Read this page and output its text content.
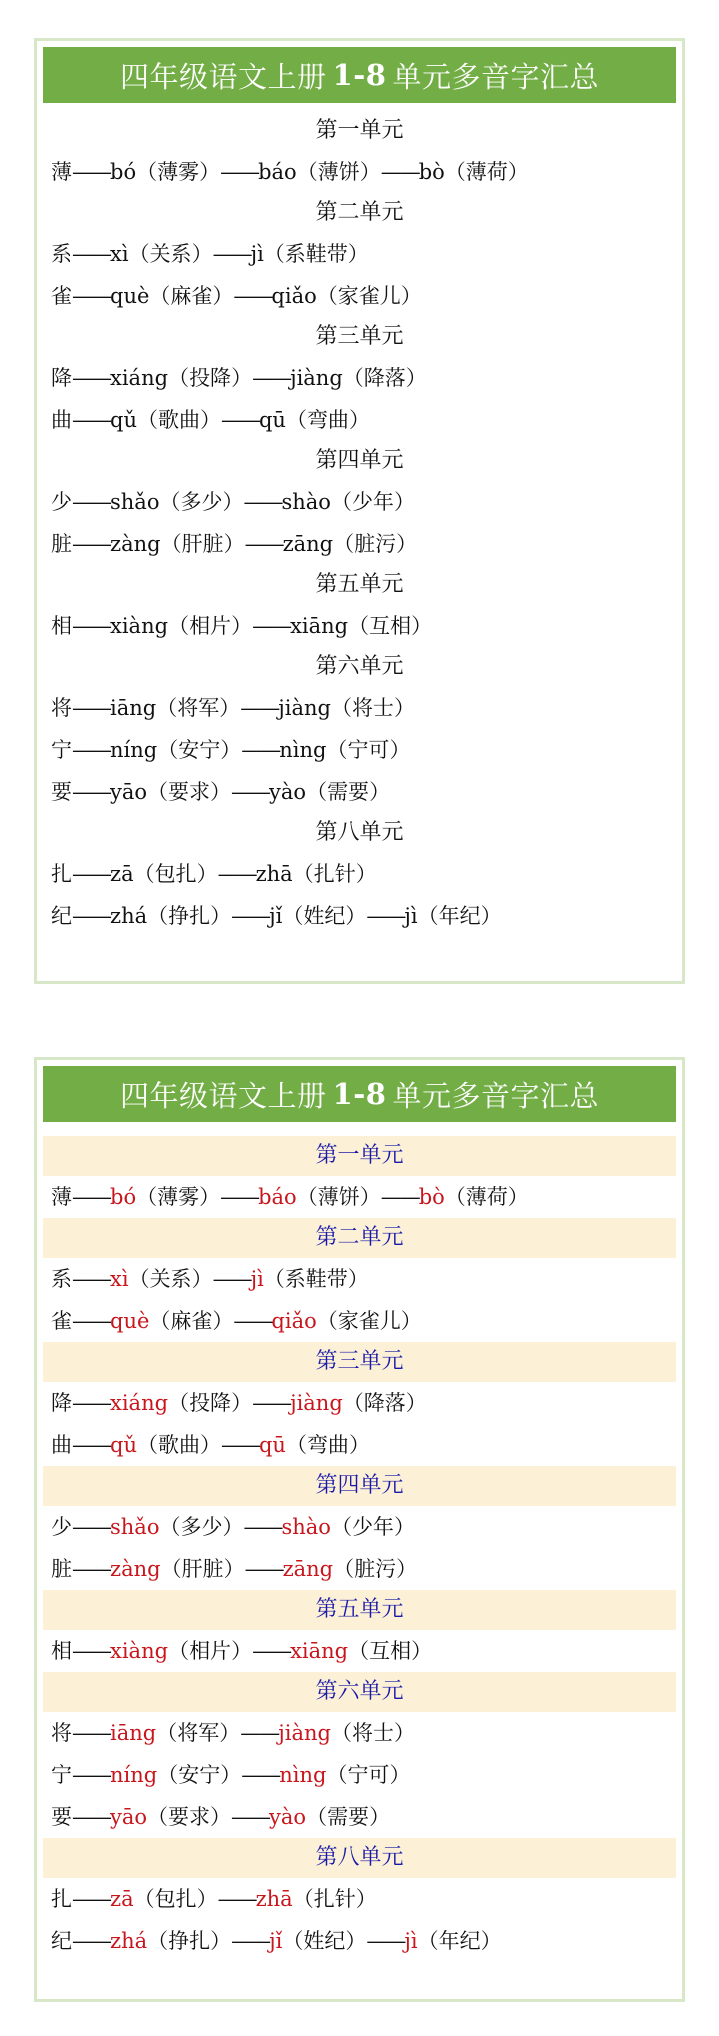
四年级语文上册 1-8 单元多音字汇总
第一单元
薄——bó（薄雾）——báo（薄饼）——bò（薄荷）
第二单元
系——xì（关系）——jì（系鞋带）
雀——què（麻雀）——qiǎo（家雀儿）
第三单元
降——xiáng（投降）——jiàng（降落）
曲——qǔ（歌曲）——qū（弯曲）
第四单元
少——shǎo（多少）——shào（少年）
脏——zàng（肝脏）——zāng（脏污）
第五单元
相——xiàng（相片）——xiāng（互相）
第六单元
将——iāng（将军）——jiàng（将士）
宁——níng（安宁）——nìng（宁可）
要——yāo（要求）——yào（需要）
第八单元
扎——zā（包扎）——zhā（扎针）
纪——zhá（挣扎）——jǐ（姓纪）——jì（年纪）
四年级语文上册 1-8 单元多音字汇总
第一单元
薄——bó（薄雾）——báo（薄饼）——bò（薄荷）
第二单元
系——xì（关系）——jì（系鞋带）
雀——què（麻雀）——qiǎo（家雀儿）
第三单元
降——xiáng（投降）——jiàng（降落）
曲——qǔ（歌曲）——qū（弯曲）
第四单元
少——shǎo（多少）——shào（少年）
脏——zàng（肝脏）——zāng（脏污）
第五单元
相——xiàng（相片）——xiāng（互相）
第六单元
将——iāng（将军）——jiàng（将士）
宁——níng（安宁）——nìng（宁可）
要——yāo（要求）——yào（需要）
第八单元
扎——zā（包扎）——zhā（扎针）
纪——zhá（挣扎）——jǐ（姓纪）——jì（年纪）
